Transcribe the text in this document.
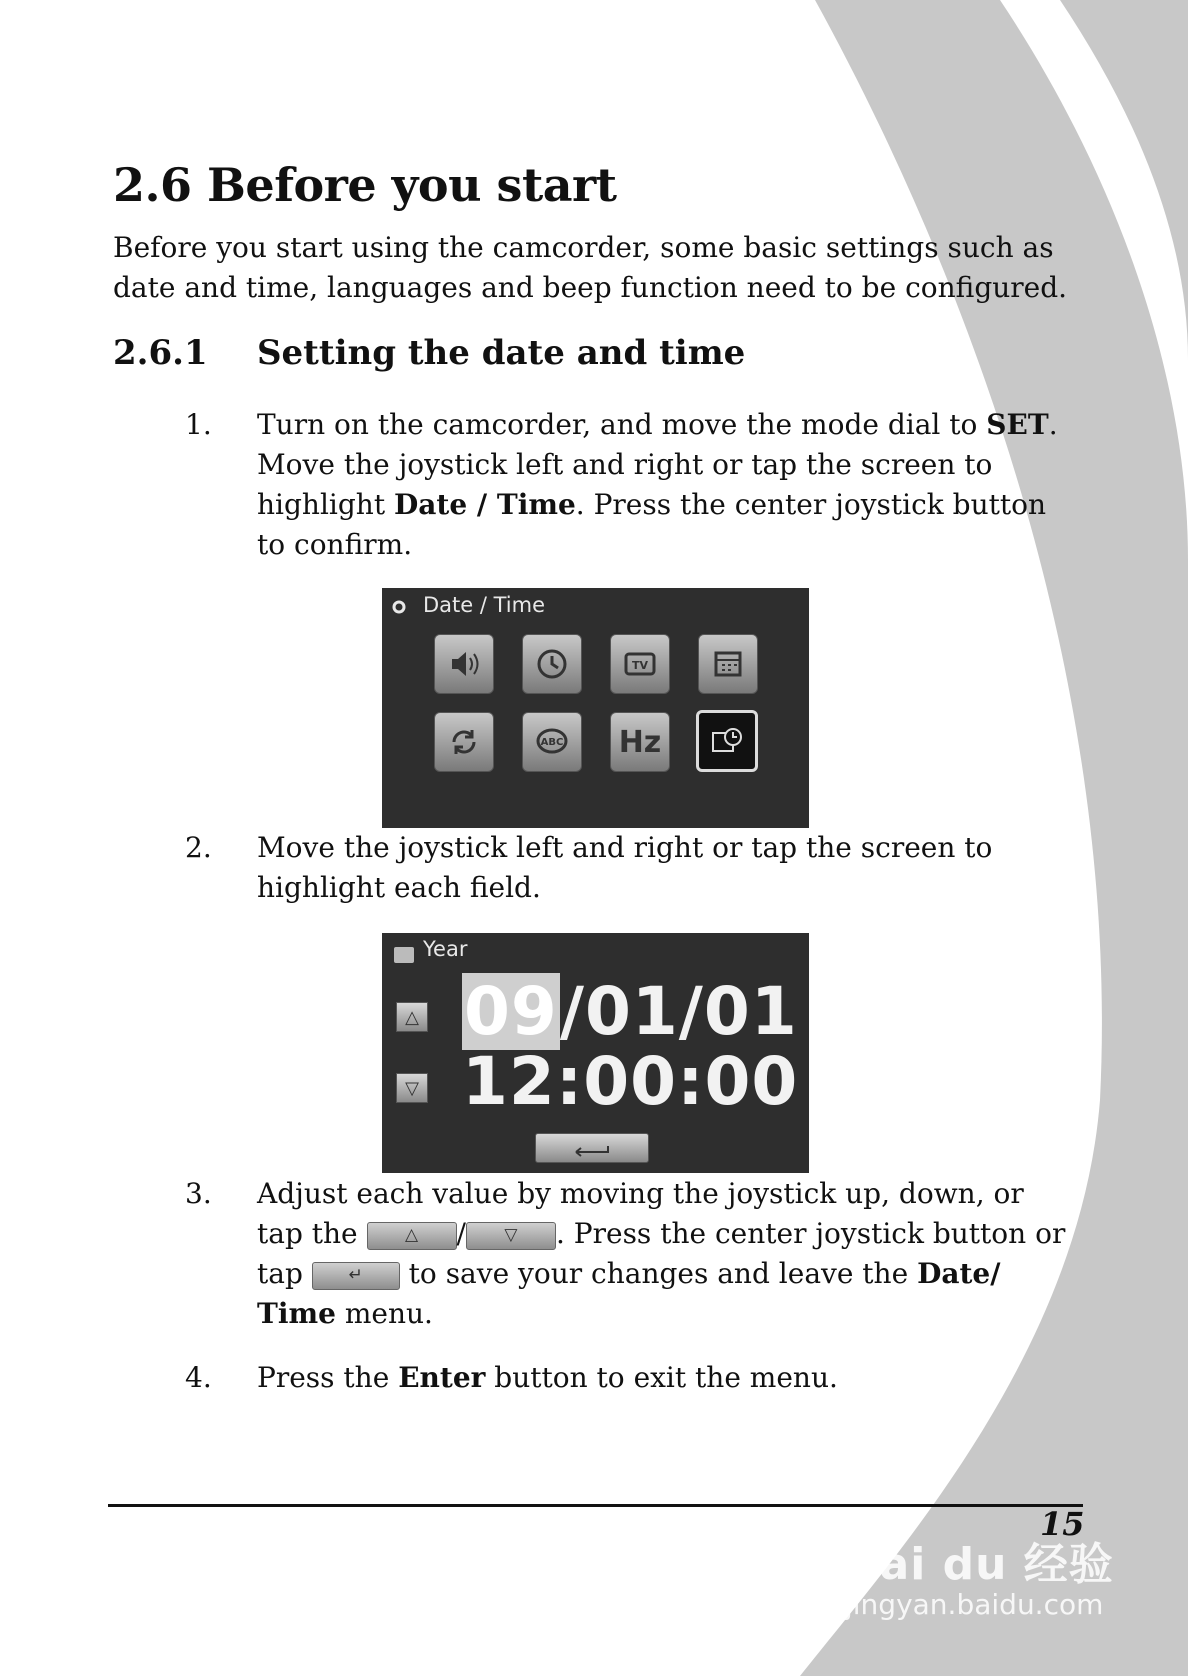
2.6 Before you start

Before you start using the camcorder, some basic settings such as date and time, languages and beep function need to be configured.

2.6.1 Setting the date and time
1. Turn on the camcorder, and move the mode dial to SET. Move the joystick left and right or tap the screen to highlight Date / Time. Press the center joystick button to confirm.
Date / Time
TV
ABC Hz
2. Move the joystick left and right or tap the screen to highlight each field.
Year
△
▽
09/01/01
12:00:00
3. Adjust each value by moving the joystick up, down, or tap the △ / ▽ . Press the center joystick button or tap ↵ to save your changes and leave the Date/ Time menu.
4. Press the Enter button to exit the menu.
15
Bai du 经验
jingyan.baidu.com
